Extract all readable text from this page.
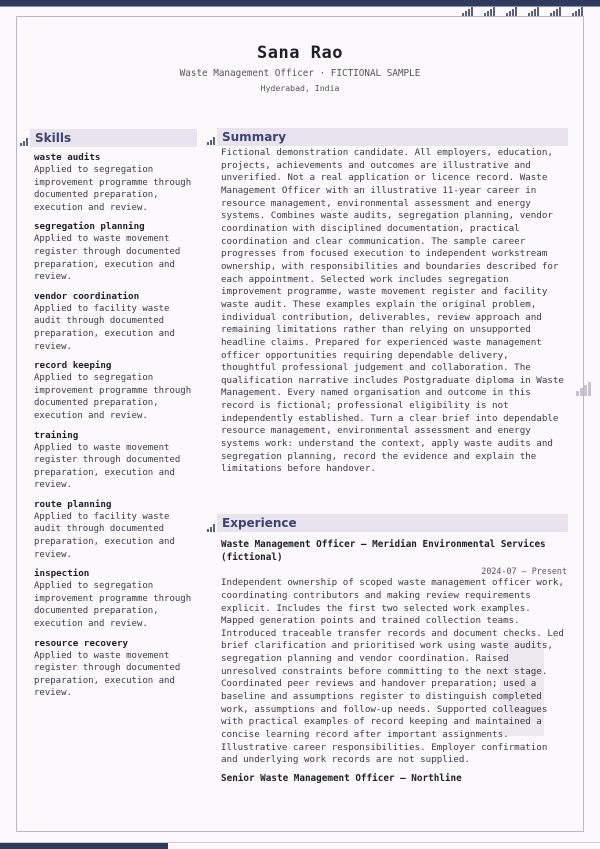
Sana Rao
Waste Management Officer · FICTIONAL SAMPLE
Hyderabad, India
Skills
waste audits
Applied to segregation improvement programme through documented preparation, execution and review.
segregation planning
Applied to waste movement register through documented preparation, execution and review.
vendor coordination
Applied to facility waste audit through documented preparation, execution and review.
record keeping
Applied to segregation improvement programme through documented preparation, execution and review.
training
Applied to waste movement register through documented preparation, execution and review.
route planning
Applied to facility waste audit through documented preparation, execution and review.
inspection
Applied to segregation improvement programme through documented preparation, execution and review.
resource recovery
Applied to waste movement register through documented preparation, execution and review.
Summary

Fictional demonstration candidate. All employers, education, projects, achievements and outcomes are illustrative and unverified. Not a real application or licence record. Waste Management Officer with an illustrative 11-year career in resource management, environmental assessment and energy systems. Combines waste audits, segregation planning, vendor coordination with disciplined documentation, practical coordination and clear communication. The sample career progresses from focused execution to independent workstream ownership, with responsibilities and boundaries described for each appointment. Selected work includes segregation improvement programme, waste movement register and facility waste audit. These examples explain the original problem, individual contribution, deliverables, review approach and remaining limitations rather than relying on unsupported headline claims. Prepared for experienced waste management officer opportunities requiring dependable delivery, thoughtful professional judgement and collaboration. The qualification narrative includes Postgraduate diploma in Waste Management. Every named organisation and outcome in this record is fictional; professional eligibility is not independently established. Turn a clear brief into dependable resource management, environmental assessment and energy systems work: understand the context, apply waste audits and segregation planning, record the evidence and explain the limitations before handover.

Experience
Waste Management Officer — Meridian Environmental Services (fictional)
2024-07 – Present
Independent ownership of scoped waste management officer work, coordinating contributors and making review requirements explicit. Includes the first two selected work examples. Mapped generation points and trained collection teams. Introduced traceable transfer records and document checks. Led brief clarification and prioritised work using waste audits, segregation planning and vendor coordination. Raised unresolved constraints before committing to the next stage. Coordinated peer reviews and handover preparation; used a baseline and assumptions register to distinguish completed work, assumptions and follow-up needs. Supported colleagues with practical examples of record keeping and maintained a concise learning record after important assignments. Illustrative career responsibilities. Employer confirmation and underlying work records are not supplied.
Senior Waste Management Officer — Northline
